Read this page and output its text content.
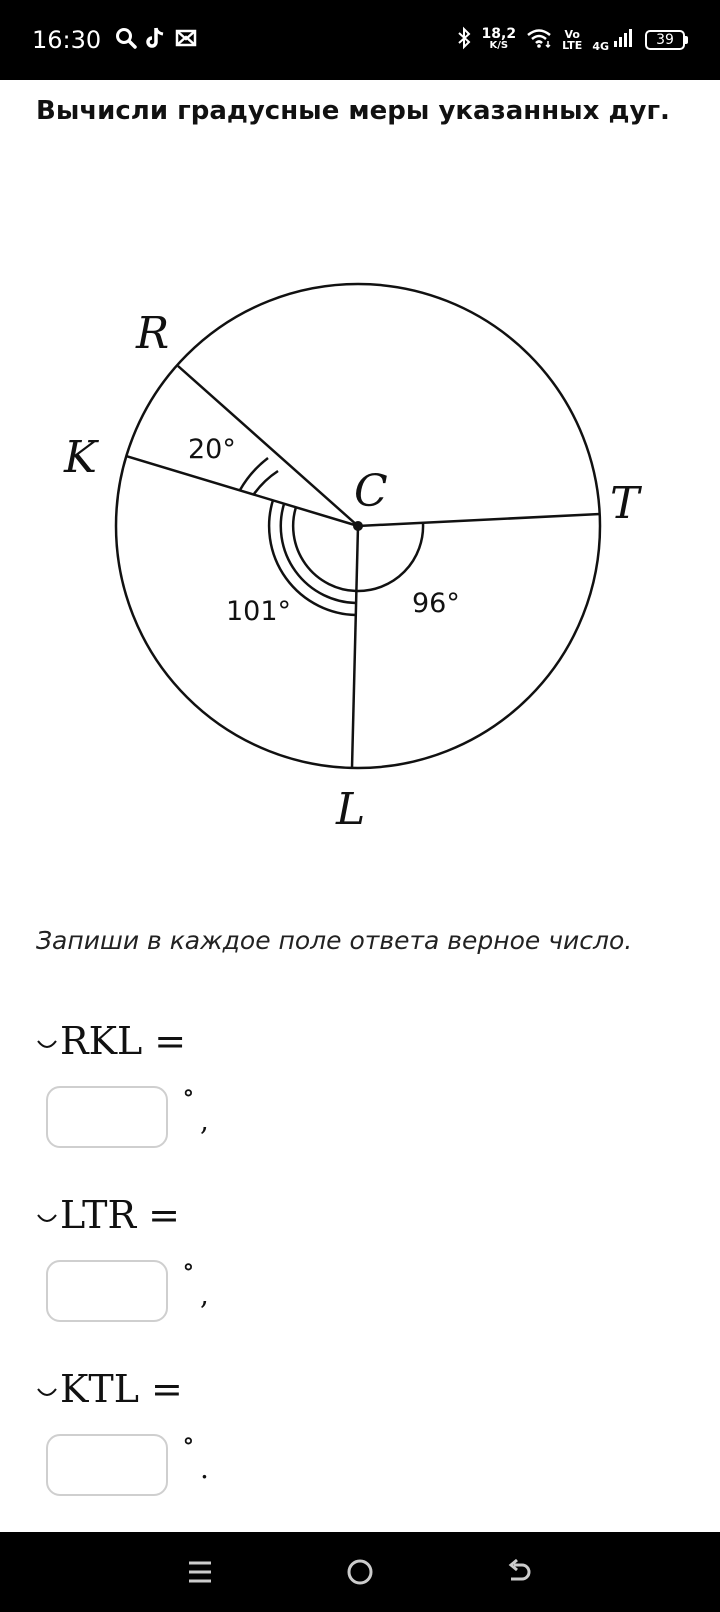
16:30	18,2
K/S
Vo
LTE 4G	39
Вычисли градусные меры указанных дуг.
R
K
C	T
L
20°
101°	96°
Запиши в каждое поле ответа верное число.
RKL =
∘
,
LTR =
∘
,
KTL =
∘
.
